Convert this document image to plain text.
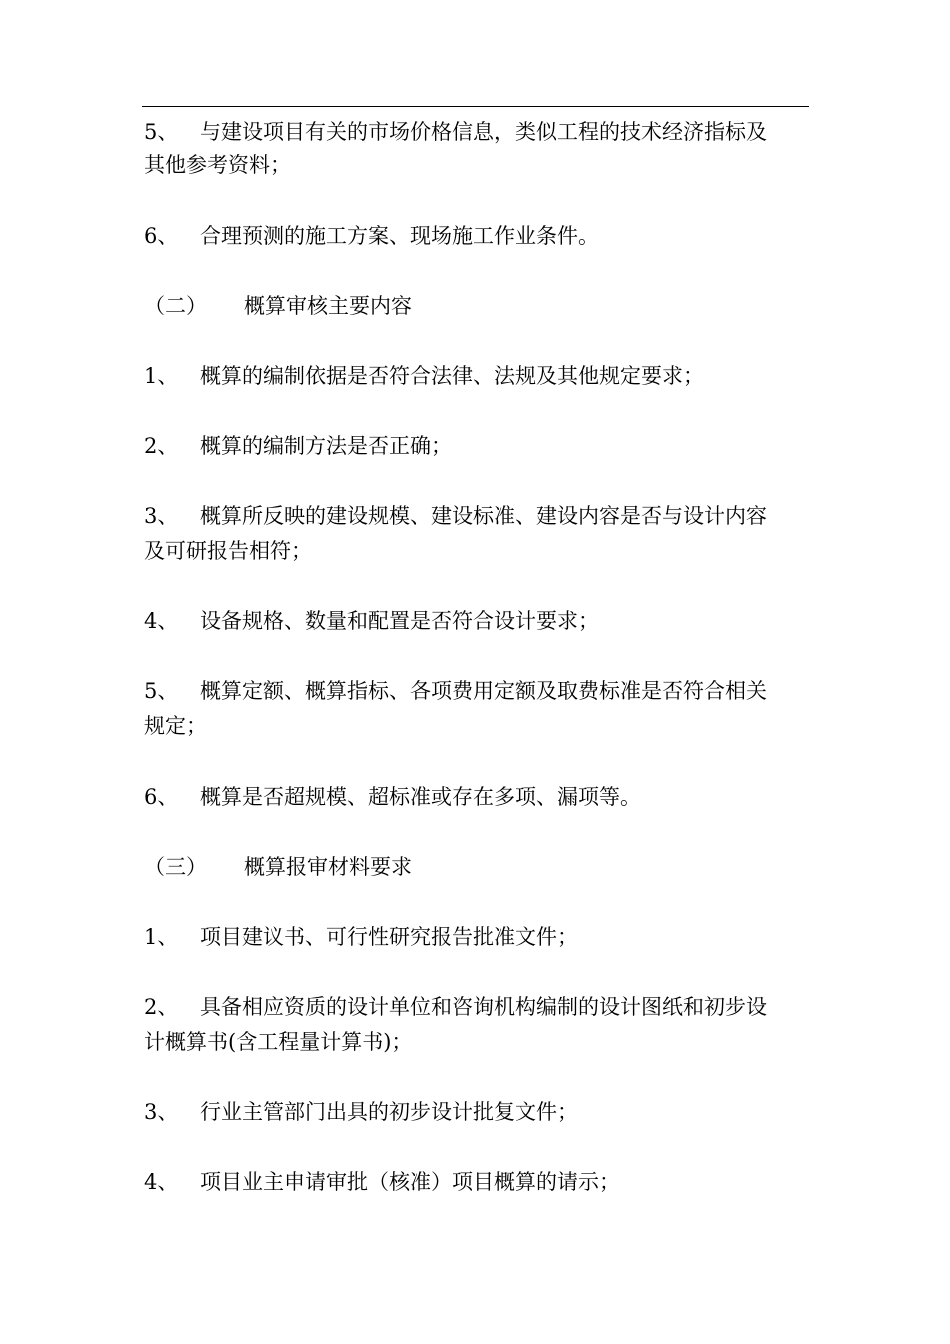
5、 与建设项目有关的市场价格信息，类似工程的技术经济指标及
其他参考资料；
6、 合理预测的施工方案、现场施工作业条件。
（二） 概算审核主要内容
1、 概算的编制依据是否符合法律、法规及其他规定要求；
2、 概算的编制方法是否正确；
3、 概算所反映的建设规模、建设标准、建设内容是否与设计内容
及可研报告相符；
4、 设备规格、数量和配置是否符合设计要求；
5、 概算定额、概算指标、各项费用定额及取费标准是否符合相关
规定；
6、 概算是否超规模、超标准或存在多项、漏项等。
（三） 概算报审材料要求
1、 项目建议书、可行性研究报告批准文件；
2、 具备相应资质的设计单位和咨询机构编制的设计图纸和初步设
计概算书(含工程量计算书)；
3、 行业主管部门出具的初步设计批复文件；
4、 项目业主申请审批（核准）项目概算的请示；
